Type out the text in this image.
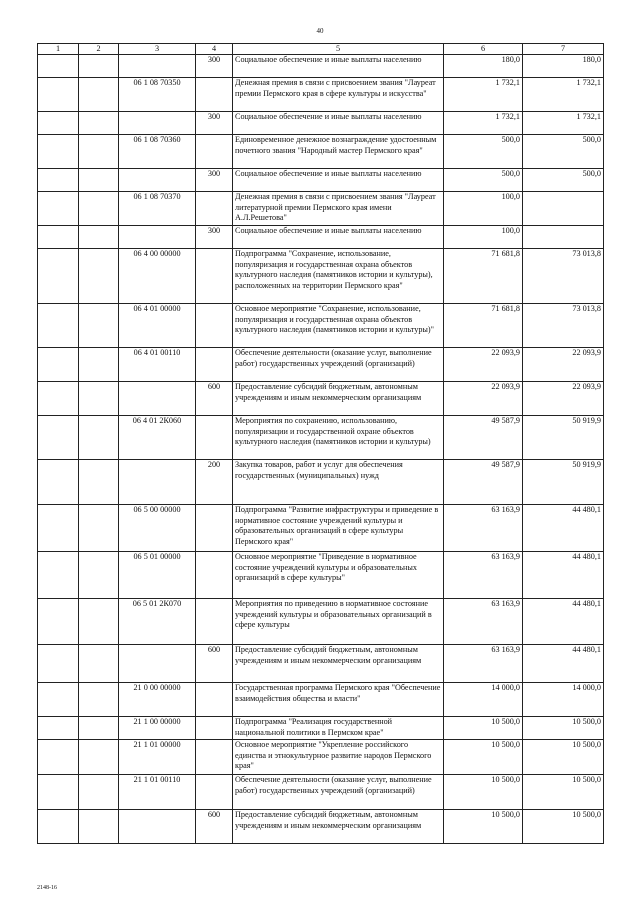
40
1	2	3	4	5	6	7
			300	Социальное обеспечение и иные выплаты населению	180,0	180,0
		06 1 08 70350		Денежная премия в связи с присвоением звания "Лауреат премии Пермского края в сфере культуры и искусства"	1 732,1	1 732,1
			300	Социальное обеспечение и иные выплаты населению	1 732,1	1 732,1
		06 1 08 70360		Единовременное денежное вознаграждение удостоенным почетного звания "Народный мастер Пермского края"	500,0	500,0
			300	Социальное обеспечение и иные выплаты населению	500,0	500,0
		06 1 08 70370		Денежная премия в связи с присвоением звания "Лауреат литературной премии Пермского края имени А.Л.Решетова"	100,0	
			300	Социальное обеспечение и иные выплаты населению	100,0	
		06 4 00 00000		Подпрограмма "Сохранение, использование, популяризация и государственная охрана объектов культурного наследия (памятников истории и культуры), расположенных на территории Пермского края"	71 681,8	73 013,8
		06 4 01 00000		Основное мероприятие "Сохранение, использование, популяризация и государственная охрана объектов культурного наследия (памятников истории и культуры)"	71 681,8	73 013,8
		06 4 01 00110		Обеспечение деятельности (оказание услуг, выполнение работ) государственных учреждений (организаций)	22 093,9	22 093,9
			600	Предоставление субсидий бюджетным, автономным учреждениям и иным некоммерческим организациям	22 093,9	22 093,9
		06 4 01 2К060		Мероприятия по сохранению, использованию, популяризации и государственной охране объектов культурного наследия (памятников истории и культуры)	49 587,9	50 919,9
			200	Закупка товаров, работ и услуг для обеспечения государственных (муниципальных) нужд	49 587,9	50 919,9
		06 5 00 00000		Подпрограмма "Развитие инфраструктуры и приведение в нормативное состояние учреждений культуры и образовательных организаций в сфере культуры Пермского края"	63 163,9	44 480,1
		06 5 01 00000		Основное мероприятие "Приведение в нормативное состояние учреждений культуры и образовательных организаций в сфере культуры"	63 163,9	44 480,1
		06 5 01 2К070		Мероприятия по приведению в нормативное состояние учреждений культуры и образовательных организаций в сфере культуры	63 163,9	44 480,1
			600	Предоставление субсидий бюджетным, автономным учреждениям и иным некоммерческим организациям	63 163,9	44 480,1
		21 0 00 00000		Государственная программа Пермского края "Обеспечение взаимодействия общества и власти"	14 000,0	14 000,0
		21 1 00 00000		Подпрограмма "Реализация государственной национальной политики в Пермском крае"	10 500,0	10 500,0
		21 1 01 00000		Основное мероприятие "Укрепление российского единства и этнокультурное развитие народов Пермского края"	10 500,0	10 500,0
		21 1 01 00110		Обеспечение деятельности (оказание услуг, выполнение работ) государственных учреждений (организаций)	10 500,0	10 500,0
			600	Предоставление субсидий бюджетным, автономным учреждениям и иным некоммерческим организациям	10 500,0	10 500,0
2148-16
